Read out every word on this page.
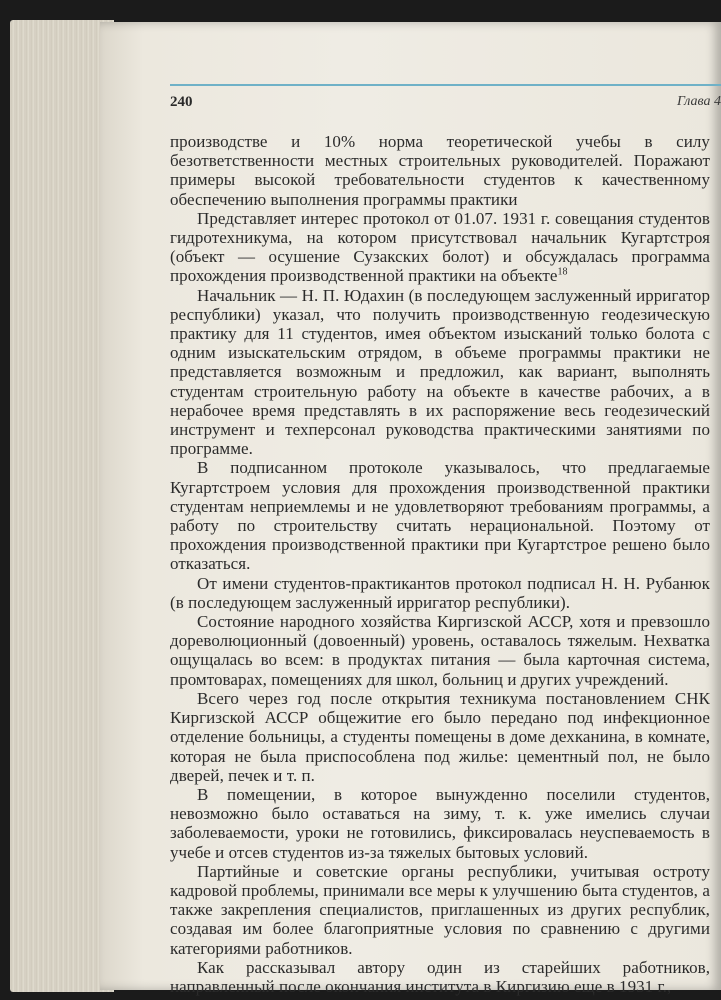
240	Глава 4

производстве и 10% норма теоретической учебы в силу безответственности местных строительных руководителей. Поражают примеры высокой требовательности студентов к качественному обеспечению выполнения программы практики

Представляет интерес протокол от 01.07. 1931 г. совещания студентов гидротехникума, на котором присутствовал начальник Кугартстроя (объект — осушение Сузакских болот) и обсуждалась программа прохождения производственной практики на объекте$^{18}$

Начальник — Н. П. Юдахин (в последующем заслуженный ирригатор республики) указал, что получить производственную геодезическую практику для 11 студентов, имея объектом изысканий только болота с одним изыскательским отрядом, в объеме программы практики не представляется возможным и предложил, как вариант, выполнять студентам строительную работу на объекте в качестве рабочих, а в нерабочее время представлять в их распоряжение весь геодезический инструмент и техперсонал руководства практическими занятиями по программе.

В подписанном протоколе указывалось, что предлагаемые Кугартстроем условия для прохождения производственной практики студентам неприемлемы и не удовлетворяют требованиям программы, а работу по строительству считать нерациональной. Поэтому от прохождения производственной практики при Кугартстрое решено было отказаться.

От имени студентов-практикантов протокол подписал Н. Н. Рубанюк (в последующем заслуженный ирригатор республики).

Состояние народного хозяйства Киргизской АССР, хотя и превзошло дореволюционный (довоенный) уровень, оставалось тяжелым. Нехватка ощущалась во всем: в продуктах питания — была карточная система, промтоварах, помещениях для школ, больниц и других учреждений.

Всего через год после открытия техникума постановлением СНК Киргизской АССР общежитие его было передано под инфекционное отделение больницы, а студенты помещены в доме дехканина, в комнате, которая не была приспособлена под жилье: цементный пол, не было дверей, печек и т. п.

В помещении, в которое вынужденно поселили студентов, невозможно было оставаться на зиму, т. к. уже имелись случаи заболеваемости, уроки не готовились, фиксировалась неуспеваемость в учебе и отсев студентов из-за тяжелых бытовых условий.

Партийные и советские органы республики, учитывая остроту кадровой проблемы, принимали все меры к улучшению быта студентов, а также закрепления специалистов, приглашенных из других республик, создавая им более благоприятные условия по сравнению с другими категориями работников.

Как рассказывал автору один из старейших работников, направленный после окончания института в Киргизию еще в 1931 г.,
